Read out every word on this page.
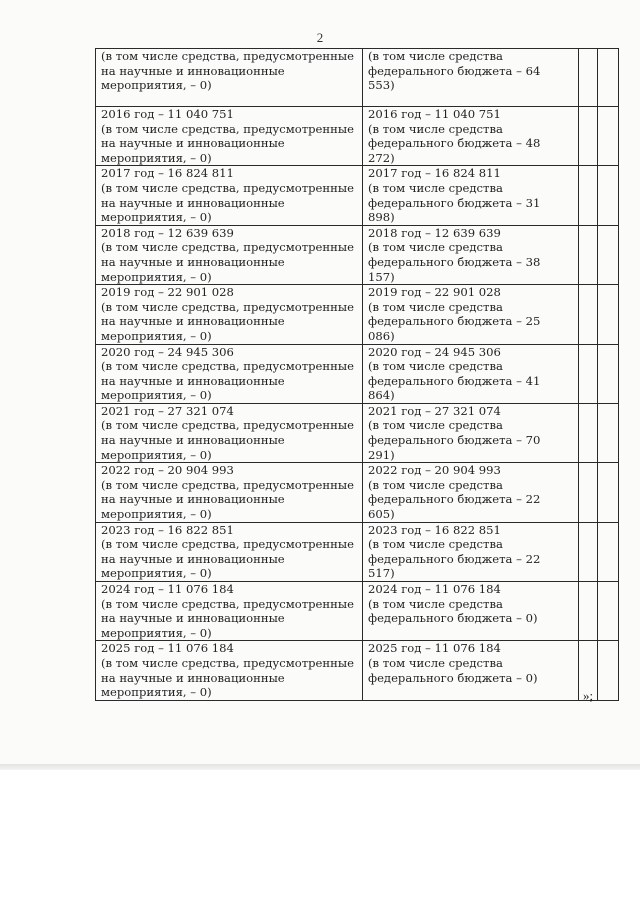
2
(в том числе средства, предусмотренные
на научные и инновационные
мероприятия, – 0)	(в том числе средства
федерального бюджета – 64
553)		

2016 год – 11 040 751
(в том числе средства, предусмотренные
на научные и инновационные
мероприятия, – 0)	2016 год – 11 040 751
(в том числе средства
федерального бюджета – 48
272)		

2017 год – 16 824 811
(в том числе средства, предусмотренные
на научные и инновационные
мероприятия, – 0)	2017 год – 16 824 811
(в том числе средства
федерального бюджета – 31
898)		

2018 год – 12 639 639
(в том числе средства, предусмотренные
на научные и инновационные
мероприятия, – 0)	2018 год – 12 639 639
(в том числе средства
федерального бюджета – 38
157)		

2019 год – 22 901 028
(в том числе средства, предусмотренные
на научные и инновационные
мероприятия, – 0)	2019 год – 22 901 028
(в том числе средства
федерального бюджета – 25
086)		

2020 год – 24 945 306
(в том числе средства, предусмотренные
на научные и инновационные
мероприятия, – 0)	2020 год – 24 945 306
(в том числе средства
федерального бюджета – 41
864)		

2021 год – 27 321 074
(в том числе средства, предусмотренные
на научные и инновационные
мероприятия, – 0)	2021 год – 27 321 074
(в том числе средства
федерального бюджета – 70
291)		

2022 год – 20 904 993
(в том числе средства, предусмотренные
на научные и инновационные
мероприятия, – 0)	2022 год – 20 904 993
(в том числе средства
федерального бюджета – 22
605)		

2023 год – 16 822 851
(в том числе средства, предусмотренные
на научные и инновационные
мероприятия, – 0)	2023 год – 16 822 851
(в том числе средства
федерального бюджета – 22
517)		

2024 год – 11 076 184
(в том числе средства, предусмотренные
на научные и инновационные
мероприятия, – 0)	2024 год – 11 076 184
(в том числе средства
федерального бюджета – 0)		

2025 год – 11 076 184
(в том числе средства, предусмотренные
на научные и инновационные
мероприятия, – 0)	2025 год – 11 076 184
(в том числе средства
федерального бюджета – 0)		

»;
